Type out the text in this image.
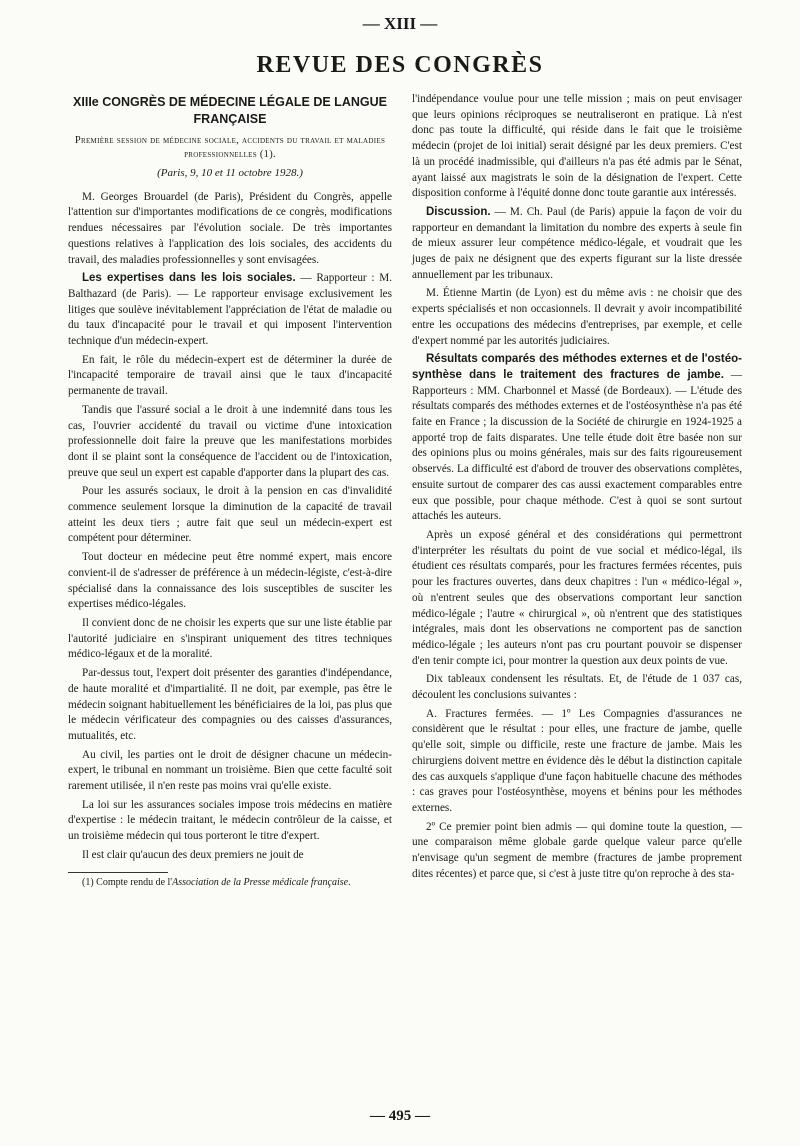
— XIII —
REVUE DES CONGRÈS
XIIIe CONGRÈS DE MÉDECINE LÉGALE DE LANGUE FRANÇAISE
Première session de médecine sociale, accidents du travail et maladies professionnelles (1).
(Paris, 9, 10 et 11 octobre 1928.)

M. Georges Brouardel (de Paris), Président du Congrès, appelle l'attention sur d'importantes modifications de ce congrès, modifications rendues nécessaires par l'évolution sociale. De très importantes questions relatives à l'application des lois sociales, des accidents du travail, des maladies professionnelles y sont envisagées.

Les expertises dans les lois sociales. — Rapporteur : M. Balthazard (de Paris). — Le rapporteur envisage exclusivement les litiges que soulève inévitablement l'appréciation de l'état de maladie ou du taux d'incapacité pour le travail et qui imposent l'intervention technique d'un médecin-expert.

En fait, le rôle du médecin-expert est de déterminer la durée de l'incapacité temporaire de travail ainsi que le taux d'incapacité permanente de travail.

Tandis que l'assuré social a le droit à une indemnité dans tous les cas, l'ouvrier accidenté du travail ou victime d'une intoxication professionnelle doit faire la preuve que les manifestations morbides dont il se plaint sont la conséquence de l'accident ou de l'intoxication, preuve que seul un expert est capable d'apporter dans la plupart des cas.

Pour les assurés sociaux, le droit à la pension en cas d'invalidité commence seulement lorsque la diminution de la capacité de travail atteint les deux tiers ; autre fait que seul un médecin-expert est compétent pour déterminer.

Tout docteur en médecine peut être nommé expert, mais encore convient-il de s'adresser de préférence à un médecin-légiste, c'est-à-dire spécialisé dans la connaissance des lois susceptibles de susciter les expertises médico-légales.

Il convient donc de ne choisir les experts que sur une liste établie par l'autorité judiciaire en s'inspirant uniquement des titres techniques médico-légaux et de la moralité.

Par-dessus tout, l'expert doit présenter des garanties d'indépendance, de haute moralité et d'impartialité. Il ne doit, par exemple, pas être le médecin soignant habituellement les bénéficiaires de la loi, pas plus que le médecin vérificateur des compagnies ou des caisses d'assurances, mutualités, etc.

Au civil, les parties ont le droit de désigner chacune un médecin-expert, le tribunal en nommant un troisième. Bien que cette faculté soit rarement utilisée, il n'en reste pas moins vrai qu'elle existe.

La loi sur les assurances sociales impose trois médecins en matière d'expertise : le médecin traitant, le médecin contrôleur de la caisse, et un troisième médecin qui tous porteront le titre d'expert.

Il est clair qu'aucun des deux premiers ne jouit de

(1) Compte rendu de l'Association de la Presse médicale française.

l'indépendance voulue pour une telle mission ; mais on peut envisager que leurs opinions réciproques se neutraliseront en pratique. Là n'est donc pas toute la difficulté, qui réside dans le fait que le troisième médecin (projet de loi initial) serait désigné par les deux premiers. C'est là un procédé inadmissible, qui d'ailleurs n'a pas été admis par le Sénat, ayant laissé aux magistrats le soin de la désignation de l'expert. Cette disposition conforme à l'équité donne donc toute garantie aux intéressés.

Discussion. — M. Ch. Paul (de Paris) appuie la façon de voir du rapporteur en demandant la limitation du nombre des experts à seule fin de mieux assurer leur compétence médico-légale, et voudrait que les juges de paix ne désignent que des experts figurant sur la liste dressée annuellement par les tribunaux.

M. Étienne Martin (de Lyon) est du même avis : ne choisir que des experts spécialisés et non occasionnels. Il devrait y avoir incompatibilité entre les occupations des médecins d'entreprises, par exemple, et celle d'expert nommé par les autorités judiciaires.

Résultats comparés des méthodes externes et de l'ostéo-synthèse dans le traitement des fractures de jambe. — Rapporteurs : MM. Charbonnel et Massé (de Bordeaux). — L'étude des résultats comparés des méthodes externes et de l'ostéosynthèse n'a pas été faite en France ; la discussion de la Société de chirurgie en 1924-1925 a apporté trop de faits disparates. Une telle étude doit être basée non sur des opinions plus ou moins générales, mais sur des faits rigoureusement observés. La difficulté est d'abord de trouver des observations complètes, ensuite surtout de comparer des cas aussi exactement comparables entre eux que possible, pour chaque méthode. C'est à quoi se sont surtout attachés les auteurs.

Après un exposé général et des considérations qui permettront d'interpréter les résultats du point de vue social et médico-légal, ils étudient ces résultats comparés, pour les fractures fermées récentes, puis pour les fractures ouvertes, dans deux chapitres : l'un « médico-légal », où n'entrent seules que des observations comportant leur sanction médico-légale ; l'autre « chirurgical », où n'entrent que des statistiques intégrales, mais dont les observations ne comportent pas de sanction médico-légale ; les auteurs n'ont pas cru pourtant pouvoir se dispenser d'en tenir compte ici, pour montrer la question aux deux points de vue.

Dix tableaux condensent les résultats. Et, de l'étude de 1 037 cas, découlent les conclusions suivantes :

A. Fractures fermées. — 1º Les Compagnies d'assurances ne considèrent que le résultat : pour elles, une fracture de jambe, quelle qu'elle soit, simple ou difficile, reste une fracture de jambe. Mais les chirurgiens doivent mettre en évidence dès le début la distinction capitale des cas auxquels s'applique d'une façon habituelle chacune des méthodes : cas graves pour l'ostéosynthèse, moyens et bénins pour les méthodes externes.

2º Ce premier point bien admis — qui domine toute la question, — une comparaison même globale garde quelque valeur parce qu'elle n'envisage qu'un segment de membre (fractures de jambe proprement dites récentes) et parce que, si c'est à juste titre qu'on reproche à des sta-

— 495 —
